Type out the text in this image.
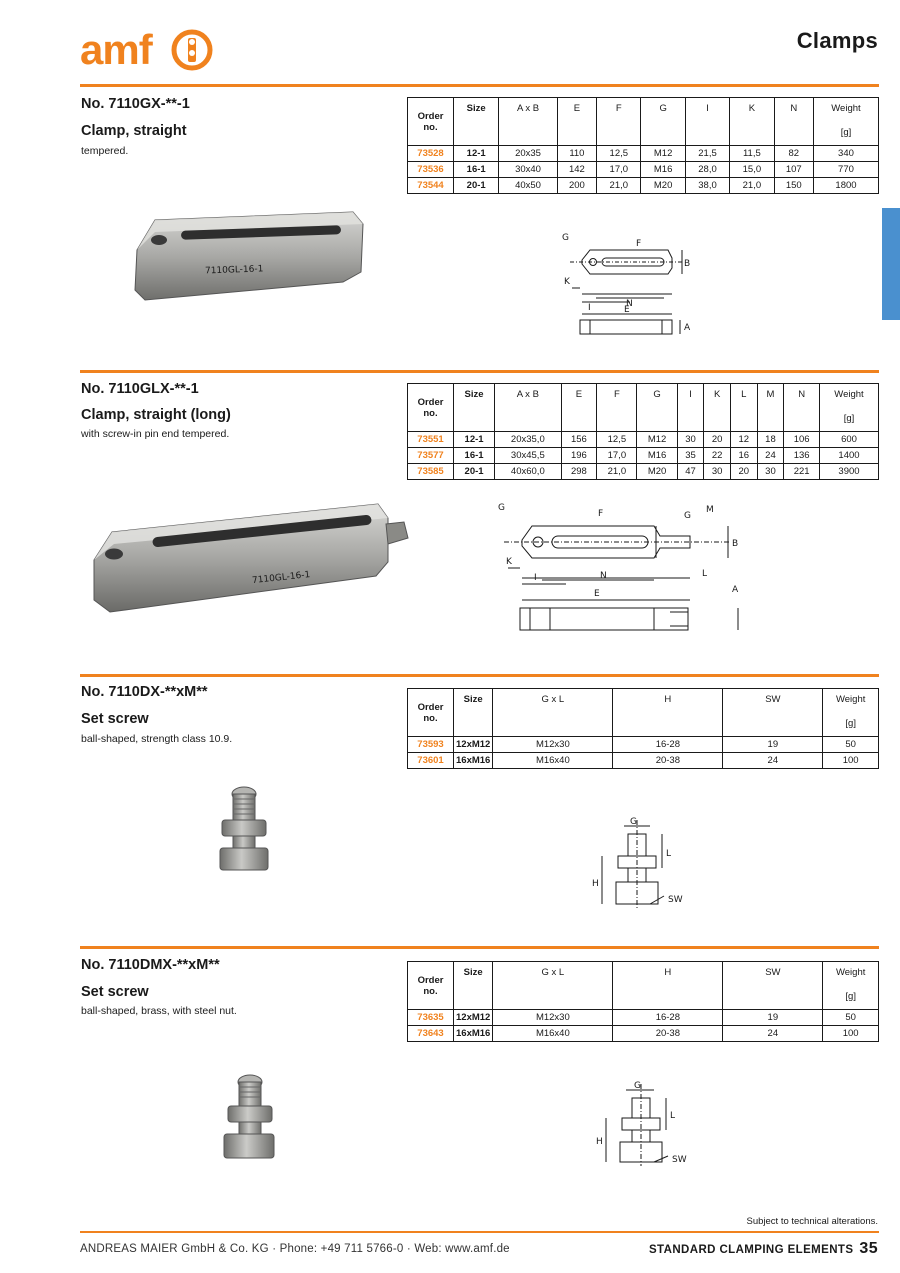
amf	Clamps
No. 7110GX-**-1
Clamp, straight
tempered.
Order no.	Size	A x B	E	F	G	I	K	N	Weight
[g]

73528	12-1	20x35	110	12,5	M12	21,5	11,5	82	340
73536	16-1	30x40	142	17,0	M16	28,0	15,0	107	770
73544	20-1	40x50	200	21,0	M20	38,0	21,0	150	1800
7110GL-16-1
G
F
B
K
I	N
E
A
No. 7110GLX-**-1
Clamp, straight (long)
with screw-in pin end tempered.
Order no.	Size	A x B	E	F	G	I	K	L	M	N	Weight
[g]

73551	12-1	20x35,0	156	12,5	M12	30	20	12	18	106	600
73577	16-1	30x45,5	196	17,0	M16	35	22	16	24	136	1400
73585	20-1	40x60,0	298	21,0	M20	47	30	20	30	221	3900
7110GL-16-1
G
F	G
M
B
K
I	N	L
E	A
No. 7110DX-**xM**
Set screw
ball-shaped, strength class 10.9.
Order no.	Size	G x L	H	SW	Weight
[g]

73593	12xM12	M12x30	16-28	19	50
73601	16xM16	M16x40	20-38	24	100
G
H
L
SW
No. 7110DMX-**xM**
Set screw
ball-shaped, brass, with steel nut.
Order no.	Size	G x L	H	SW	Weight
[g]

73635	12xM12	M12x30	16-28	19	50
73643	16xM16	M16x40	20-38	24	100
G
H
L
SW
Subject to technical alterations.
ANDREAS MAIER GmbH & Co. KG · Phone: +49 711 5766-0 · Web: www.amf.de	STANDARD CLAMPING ELEMENTS 35
